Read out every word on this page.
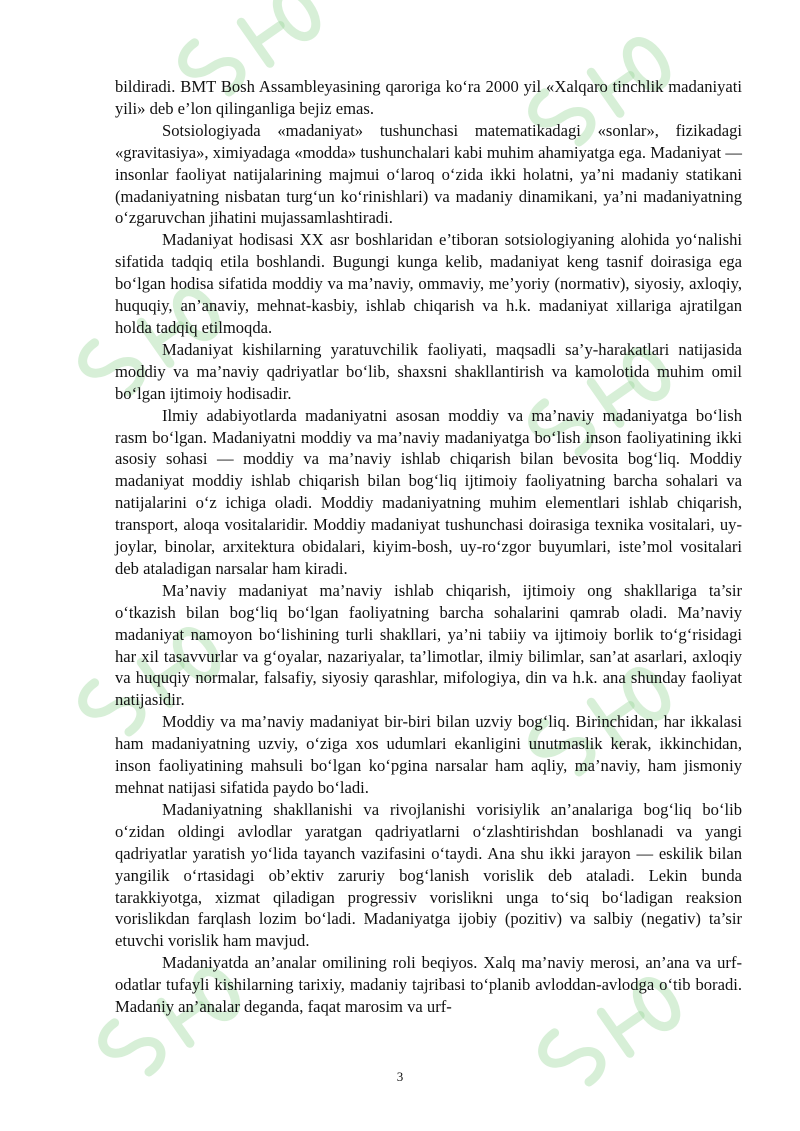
bildiradi. BMT Bosh Assambleyasining qaroriga ko‘ra 2000 yil «Xalqaro tinchlik madaniyati yili» deb e’lon qilinganliga bejiz emas.

Sotsiologiyada «madaniyat» tushunchasi matematikadagi «sonlar», fizikadagi «gravitasiya», ximiyadaga «modda» tushunchalari kabi muhim ahamiyatga ega. Madaniyat — insonlar faoliyat natijalarining majmui o‘laroq o‘zida ikki holatni, ya’ni madaniy statikani (madaniyatning nisbatan turg‘un ko‘rinishlari) va madaniy dinamikani, ya’ni madaniyatning o‘zgaruvchan jihatini mujassamlashtiradi.

Madaniyat hodisasi XX asr boshlaridan e’tiboran sotsiologiyaning alohida yo‘nalishi sifatida tadqiq etila boshlandi. Bugungi kunga kelib, madaniyat keng tasnif doirasiga ega bo‘lgan hodisa sifatida moddiy va ma’naviy, ommaviy, me’yoriy (normativ), siyosiy, axloqiy, huquqiy, an’anaviy, mehnat-kasbiy, ishlab chiqarish va h.k. madaniyat xillariga ajratilgan holda tadqiq etilmoqda.

Madaniyat kishilarning yaratuvchilik faoliyati, maqsadli sa’y-harakatlari natijasida moddiy va ma’naviy qadriyatlar bo‘lib, shaxsni shakllantirish va kamolotida muhim omil bo‘lgan ijtimoiy hodisadir.

Ilmiy adabiyotlarda madaniyatni asosan moddiy va ma’naviy madaniyatga bo‘lish rasm bo‘lgan. Madaniyatni moddiy va ma’naviy madaniyatga bo‘lish inson faoliyatining ikki asosiy sohasi — moddiy va ma’naviy ishlab chiqarish bilan bevosita bog‘liq. Moddiy madaniyat moddiy ishlab chiqarish bilan bog‘liq ijtimoiy faoliyatning barcha sohalari va natijalarini o‘z ichiga oladi. Moddiy madaniyatning muhim elementlari ishlab chiqarish, transport, aloqa vositalaridir. Moddiy madaniyat tushunchasi doirasiga texnika vositalari, uy-joylar, binolar, arxitektura obidalari, kiyim-bosh, uy-ro‘zgor buyumlari, iste’mol vositalari deb ataladigan narsalar ham kiradi.

Ma’naviy madaniyat ma’naviy ishlab chiqarish, ijtimoiy ong shakllariga ta’sir o‘tkazish bilan bog‘liq bo‘lgan faoliyatning barcha sohalarini qamrab oladi. Ma’naviy madaniyat namoyon bo‘lishining turli shakllari, ya’ni tabiiy va ijtimoiy borlik to‘g‘risidagi har xil tasavvurlar va g‘oyalar, nazariyalar, ta’limotlar, ilmiy bilimlar, san’at asarlari, axloqiy va huquqiy normalar, falsafiy, siyosiy qarashlar, mifologiya, din va h.k. ana shunday faoliyat natijasidir.

Moddiy va ma’naviy madaniyat bir-biri bilan uzviy bog‘liq. Birinchidan, har ikkalasi ham madaniyatning uzviy, o‘ziga xos udumlari ekanligini unutmaslik kerak, ikkinchidan, inson faoliyatining mahsuli bo‘lgan ko‘pgina narsalar ham aqliy, ma’naviy, ham jismoniy mehnat natijasi sifatida paydo bo‘ladi.

Madaniyatning shakllanishi va rivojlanishi vorisiylik an’analariga bog‘liq bo‘lib o‘zidan oldingi avlodlar yaratgan qadriyatlarni o‘zlashtirishdan boshlanadi va yangi qadriyatlar yaratish yo‘lida tayanch vazifasini o‘taydi. Ana shu ikki jarayon — eskilik bilan yangilik o‘rtasidagi ob’ektiv zaruriy bog‘lanish vorislik deb ataladi. Lekin bunda tarakkiyotga, xizmat qiladigan progressiv vorislikni unga to‘siq bo‘ladigan reaksion vorislikdan farqlash lozim bo‘ladi. Madaniyatga ijobiy (pozitiv) va salbiy (negativ) ta’sir etuvchi vorislik ham mavjud.

Madaniyatda an’analar omilining roli beqiyos. Xalq ma’naviy merosi, an’ana va urf-odatlar tufayli kishilarning tarixiy, madaniy tajribasi to‘planib avloddan-avlodga o‘tib boradi. Madaniy an’analar deganda, faqat marosim va urf-

3
